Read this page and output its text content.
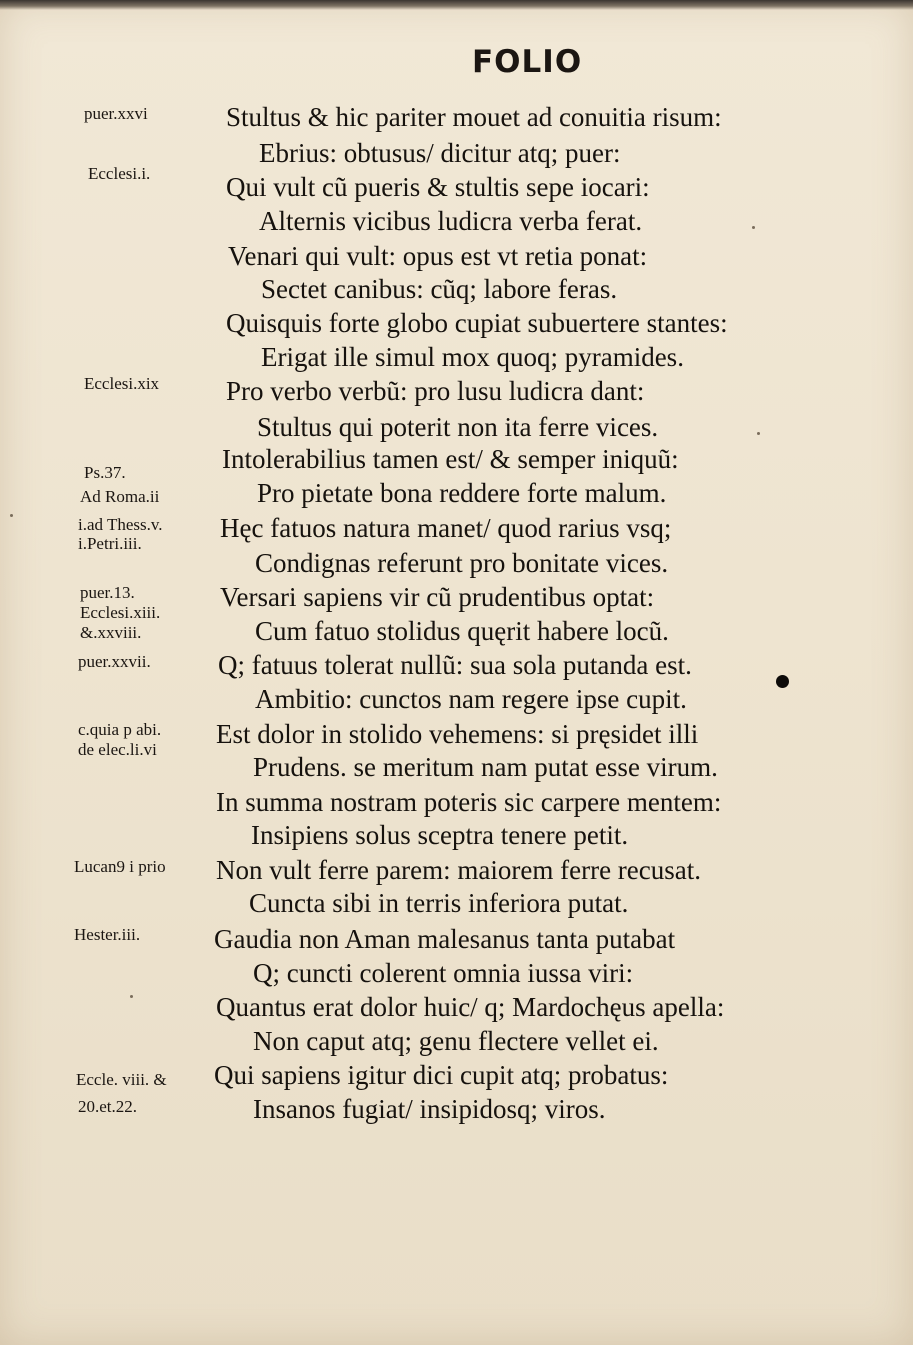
FOLIO
Stultus & hic pariter mouet ad conuitia risum:
Ebrius: obtusus/ dicitur atq; puer:
Qui vult cũ pueris & stultis sepe iocari:
Alternis vicibus ludicra verba ferat.
Venari qui vult: opus est vt retia ponat:
Sectet canibus: cũq; labore feras.
Quisquis forte globo cupiat subuertere stantes:
Erigat ille simul mox quoq; pyramides.
Pro verbo verbũ: pro lusu ludicra dant:
Stultus qui poterit non ita ferre vices.
Intolerabilius tamen est/ & semper iniquũ:
Pro pietate bona reddere forte malum.
Hęc fatuos natura manet/ quod rarius vsq;
Condignas referunt pro bonitate vices.
Versari sapiens vir cũ prudentibus optat:
Cum fatuo stolidus quęrit habere locũ.
Q; fatuus tolerat nullũ: sua sola putanda est.
Ambitio: cunctos nam regere ipse cupit.
Est dolor in stolido vehemens: si pręsidet illi
Prudens. se meritum nam putat esse virum.
In summa nostram poteris sic carpere mentem:
Insipiens solus sceptra tenere petit.
Non vult ferre parem: maiorem ferre recusat.
Cuncta sibi in terris inferiora putat.
Gaudia non Aman malesanus tanta putabat
Q; cuncti colerent omnia iussa viri:
Quantus erat dolor huic/ q; Mardochęus apella:
Non caput atq; genu flectere vellet ei.
Qui sapiens igitur dici cupit atq; probatus:
Insanos fugiat/ insipidosq; viros.
puer.xxvi
Ecclesi.i.
Ecclesi.xix
Ps.37.
Ad Roma.ii
i.ad Thess.v.
i.Petri.iii.
puer.13.
Ecclesi.xiii.
&.xxviii.
puer.xxvii.
c.quia p abi.
de elec.li.vi
Lucan9 i prio
Hester.iii.
Eccle. viii. &
20.et.22.
